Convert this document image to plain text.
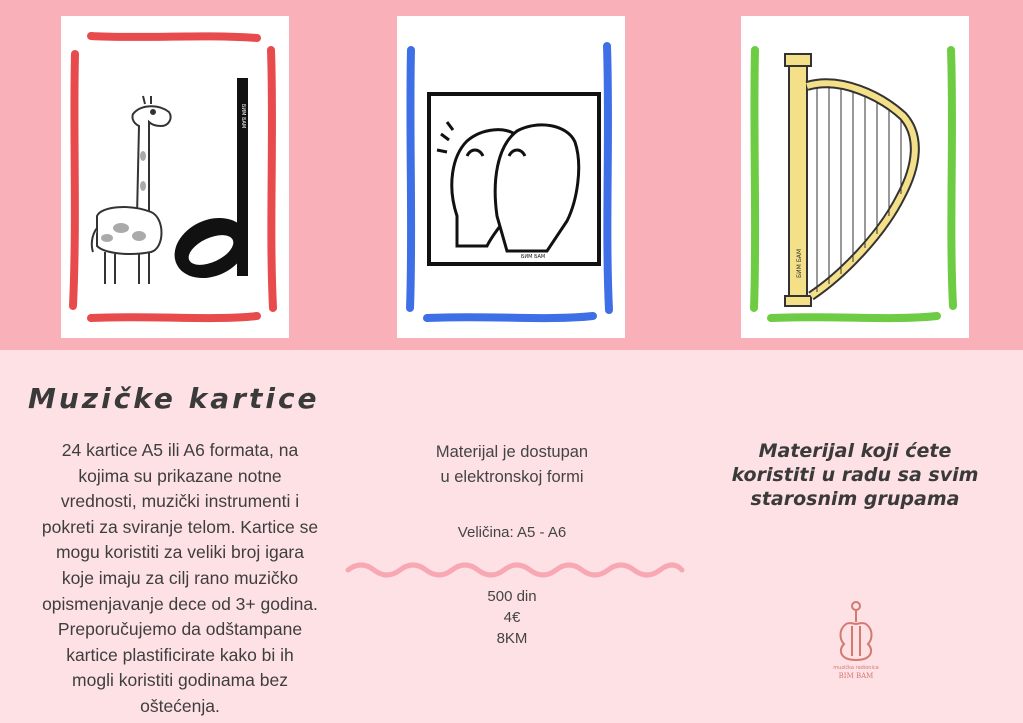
БИМ БАМ
БИМ БАМ	БИМ БАМ
Muzičke kartice
24 kartice A5 ili A6 formata, na
kojima su prikazane notne
vrednosti, muzički instrumenti i
pokreti za sviranje telom. Kartice se
mogu koristiti za veliki broj igara
koje imaju za cilj rano muzičko
opismenjavanje dece od 3+ godina.
Preporučujemo da odštampane
kartice plastificirate kako bi ih
mogli koristiti godinama bez
oštećenja.
Materijal je dostupan
u elektronskoj formi
Veličina: A5 - A6
500 din
4€
8KM
Materijal koji ćete
koristiti u radu sa svim
starosnim grupama
muzička radionica
BIM BAM
